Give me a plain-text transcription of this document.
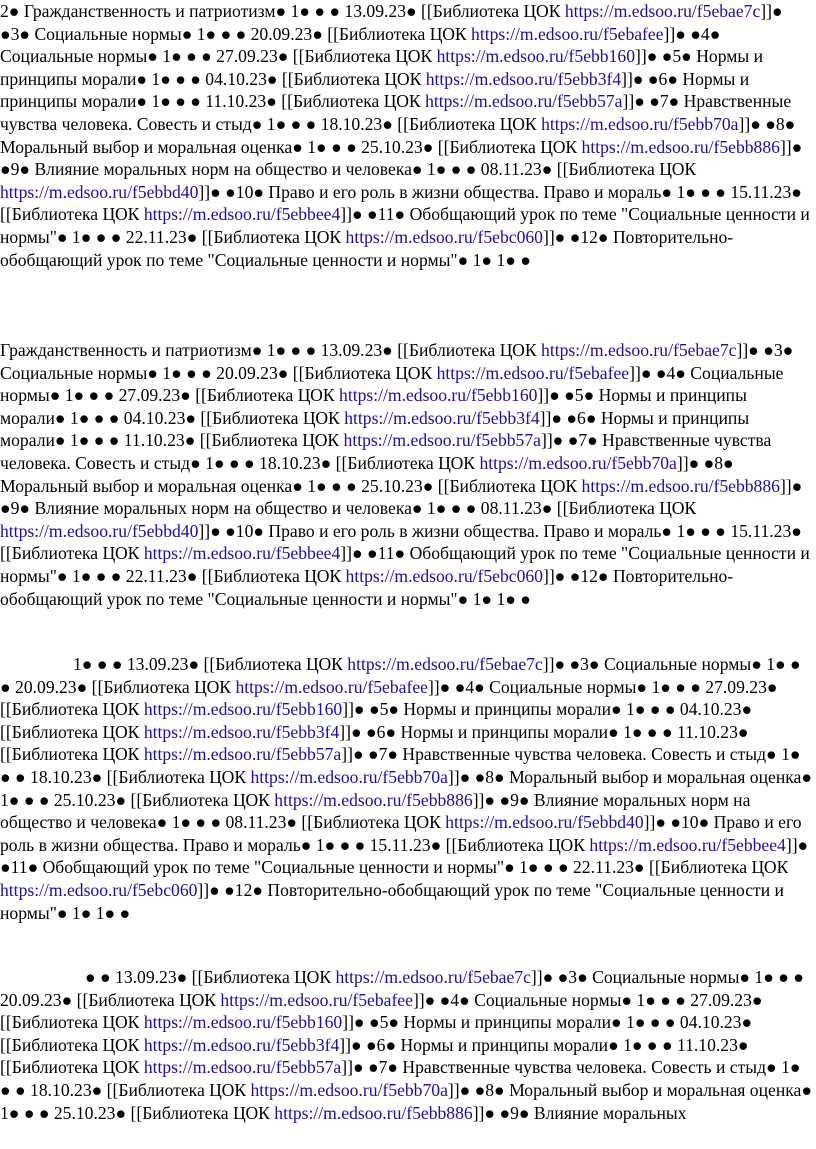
2● Гражданственность и патриотизм● 1● ● ● 13.09.23● [[Библиотека ЦОК https://m.edsoo.ru/f5ebae7c]]● ●3● Социальные нормы● 1● ● ● 20.09.23● [[Библиотека ЦОК https://m.edsoo.ru/f5ebafee]]● ●4● Социальные нормы● 1● ● ● 27.09.23● [[Библиотека ЦОК https://m.edsoo.ru/f5ebb160]]● ●5● Нормы и принципы морали● 1● ● ● 04.10.23● [[Библиотека ЦОК https://m.edsoo.ru/f5ebb3f4]]● ●6● Нормы и принципы морали● 1● ● ● 11.10.23● [[Библиотека ЦОК https://m.edsoo.ru/f5ebb57a]]● ●7● Нравственные чувства человека. Совесть и стыд● 1● ● ● 18.10.23● [[Библиотека ЦОК https://m.edsoo.ru/f5ebb70a]]● ●8● Моральный выбор и моральная оценка● 1● ● ● 25.10.23● [[Библиотека ЦОК https://m.edsoo.ru/f5ebb886]]● ●9● Влияние моральных норм на общество и человека● 1● ● ● 08.11.23● [[Библиотека ЦОК https://m.edsoo.ru/f5ebbd40]]● ●10● Право и его роль в жизни общества. Право и мораль● 1● ● ● 15.11.23● [[Библиотека ЦОК https://m.edsoo.ru/f5ebbee4]]● ●11● Обобщающий урок по теме "Социальные ценности и нормы"● 1● ● ● 22.11.23● [[Библиотека ЦОК https://m.edsoo.ru/f5ebc060]]● ●12● Повторительно-обобщающий урок по теме "Социальные ценности и нормы"● 1● 1● ●

Гражданственность и патриотизм● 1● ● ● 13.09.23● [[Библиотека ЦОК https://m.edsoo.ru/f5ebae7c]]● ●3● Социальные нормы● 1● ● ● 20.09.23● [[Библиотека ЦОК https://m.edsoo.ru/f5ebafee]]● ●4● Социальные нормы● 1● ● ● 27.09.23● [[Библиотека ЦОК https://m.edsoo.ru/f5ebb160]]● ●5● Нормы и принципы морали● 1● ● ● 04.10.23● [[Библиотека ЦОК https://m.edsoo.ru/f5ebb3f4]]● ●6● Нормы и принципы морали● 1● ● ● 11.10.23● [[Библиотека ЦОК https://m.edsoo.ru/f5ebb57a]]● ●7● Нравственные чувства человека. Совесть и стыд● 1● ● ● 18.10.23● [[Библиотека ЦОК https://m.edsoo.ru/f5ebb70a]]● ●8● Моральный выбор и моральная оценка● 1● ● ● 25.10.23● [[Библиотека ЦОК https://m.edsoo.ru/f5ebb886]]● ●9● Влияние моральных норм на общество и человека● 1● ● ● 08.11.23● [[Библиотека ЦОК https://m.edsoo.ru/f5ebbd40]]● ●10● Право и его роль в жизни общества. Право и мораль● 1● ● ● 15.11.23● [[Библиотека ЦОК https://m.edsoo.ru/f5ebbee4]]● ●11● Обобщающий урок по теме "Социальные ценности и нормы"● 1● ● ● 22.11.23● [[Библиотека ЦОК https://m.edsoo.ru/f5ebc060]]● ●12● Повторительно-обобщающий урок по теме "Социальные ценности и нормы"● 1● 1● ●

1● ● ● 13.09.23● [[Библиотека ЦОК https://m.edsoo.ru/f5ebae7c]]● ●3● Социальные нормы● 1● ● ● 20.09.23● [[Библиотека ЦОК https://m.edsoo.ru/f5ebafee]]● ●4● Социальные нормы● 1● ● ● 27.09.23● [[Библиотека ЦОК https://m.edsoo.ru/f5ebb160]]● ●5● Нормы и принципы морали● 1● ● ● 04.10.23● [[Библиотека ЦОК https://m.edsoo.ru/f5ebb3f4]]● ●6● Нормы и принципы морали● 1● ● ● 11.10.23● [[Библиотека ЦОК https://m.edsoo.ru/f5ebb57a]]● ●7● Нравственные чувства человека. Совесть и стыд● 1● ● ● 18.10.23● [[Библиотека ЦОК https://m.edsoo.ru/f5ebb70a]]● ●8● Моральный выбор и моральная оценка● 1● ● ● 25.10.23● [[Библиотека ЦОК https://m.edsoo.ru/f5ebb886]]● ●9● Влияние моральных норм на общество и человека● 1● ● ● 08.11.23● [[Библиотека ЦОК https://m.edsoo.ru/f5ebbd40]]● ●10● Право и его роль в жизни общества. Право и мораль● 1● ● ● 15.11.23● [[Библиотека ЦОК https://m.edsoo.ru/f5ebbee4]]● ●11● Обобщающий урок по теме "Социальные ценности и нормы"● 1● ● ● 22.11.23● [[Библиотека ЦОК https://m.edsoo.ru/f5ebc060]]● ●12● Повторительно-обобщающий урок по теме "Социальные ценности и нормы"● 1● 1● ●

● ● 13.09.23● [[Библиотека ЦОК https://m.edsoo.ru/f5ebae7c]]● ●3● Социальные нормы● 1● ● ● 20.09.23● [[Библиотека ЦОК https://m.edsoo.ru/f5ebafee]]● ●4● Социальные нормы● 1● ● ● 27.09.23● [[Библиотека ЦОК https://m.edsoo.ru/f5ebb160]]● ●5● Нормы и принципы морали● 1● ● ● 04.10.23● [[Библиотека ЦОК https://m.edsoo.ru/f5ebb3f4]]● ●6● Нормы и принципы морали● 1● ● ● 11.10.23● [[Библиотека ЦОК https://m.edsoo.ru/f5ebb57a]]● ●7● Нравственные чувства человека. Совесть и стыд● 1● ● ● 18.10.23● [[Библиотека ЦОК https://m.edsoo.ru/f5ebb70a]]● ●8● Моральный выбор и моральная оценка● 1● ● ● 25.10.23● [[Библиотека ЦОК https://m.edsoo.ru/f5ebb886]]● ●9● Влияние моральных
